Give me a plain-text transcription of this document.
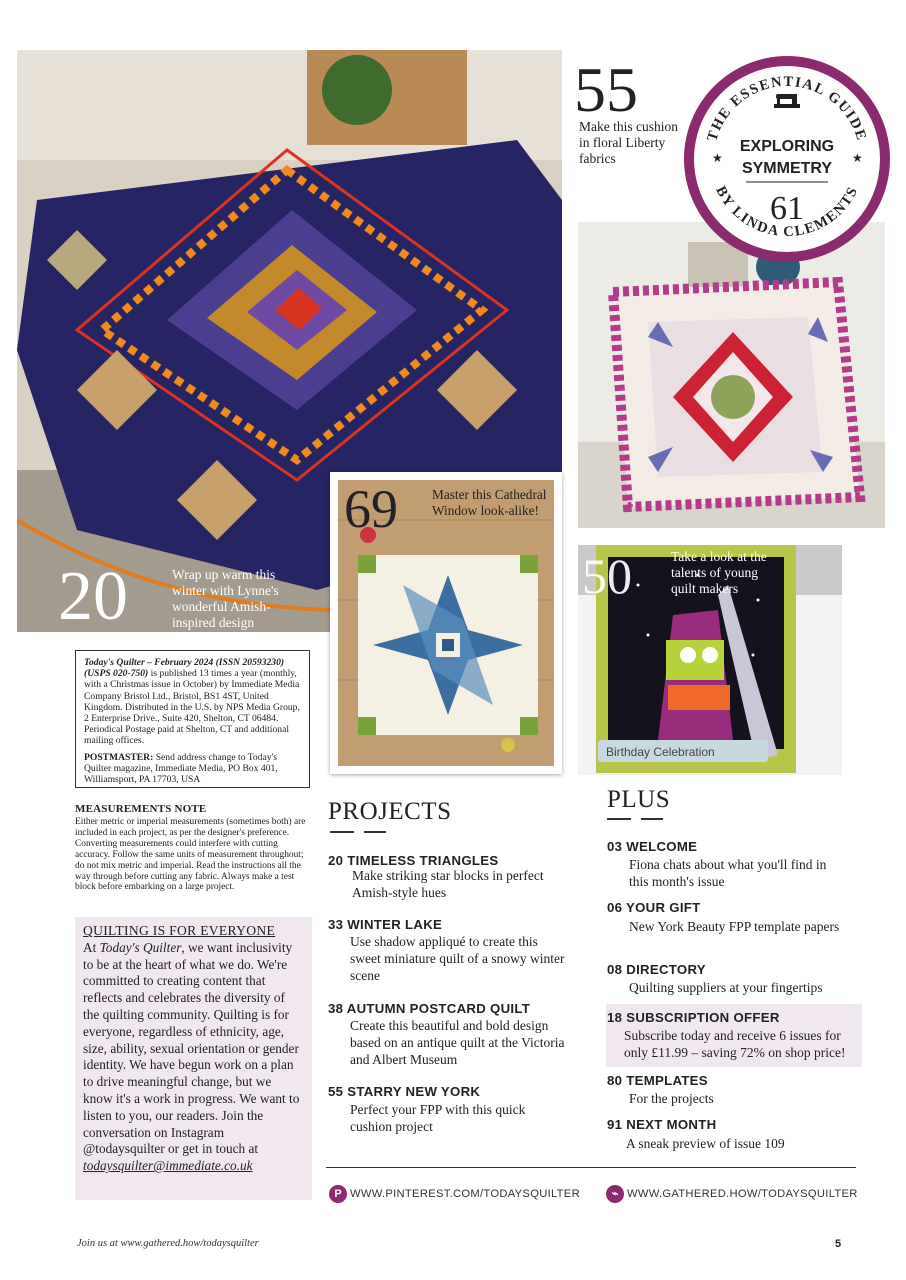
20	Wrap up warm this winter with Lynne's wonderful Amish-inspired design
55
Make this cushion in floral Liberty fabrics
THE ESSENTIAL GUIDE
BY LINDA CLEMENTS
★	★
EXPLORING
SYMMETRY
61
69	Master this Cathedral Window look-alike!
Birthday Celebration
50	Take a look at the talents of young quilt makers
Today's Quilter – February 2024 (ISSN 20593230) (USPS 020-750) is published 13 times a year (monthly, with a Christmas issue in October) by Immediate Media Company Bristol Ltd., Bristol, BS1 4ST, United Kingdom. Distributed in the U.S. by NPS Media Group, 2 Enterprise Drive., Suite 420, Shelton, CT 06484. Periodical Postage paid at Shelton, CT and additional mailing offices.
POSTMASTER: Send address change to Today's Quilter magazine, Immediate Media, PO Box 401, Williamsport, PA 17703, USA
MEASUREMENTS NOTE
Either metric or imperial measurements (sometimes both) are included in each project, as per the designer's preference. Converting measurements could interfere with cutting accuracy. Follow the same units of measurement throughout; do not mix metric and imperial. Read the instructions all the way through before cutting any fabric. Always make a test block before embarking on a large project.
QUILTING IS FOR EVERYONE
At Today's Quilter, we want inclusivity to be at the heart of what we do. We're committed to creating content that reflects and celebrates the diversity of the quilting community. Quilting is for everyone, regardless of ethnicity, age, size, ability, sexual orientation or gender identity. We have begun work on a plan to drive meaningful change, but we know it's a work in progress. We want to listen to you, our readers. Join the conversation on Instagram @todaysquilter or get in touch at todaysquilter@immediate.co.uk
PROJECTS
20 TIMELESS TRIANGLES
Make striking star blocks in perfect Amish-style hues
33 WINTER LAKE
Use shadow appliqué to create this sweet miniature quilt of a snowy winter scene
38 AUTUMN POSTCARD QUILT
Create this beautiful and bold design based on an antique quilt at the Victoria and Albert Museum
55 STARRY NEW YORK
Perfect your FPP with this quick cushion project
PLUS
03 WELCOME
Fiona chats about what you'll find in this month's issue
06 YOUR GIFT
New York Beauty FPP template papers
08 DIRECTORY
Quilting suppliers at your fingertips
18 SUBSCRIPTION OFFER
Subscribe today and receive 6 issues for only £11.99 – saving 72% on shop price!
80 TEMPLATES
For the projects
91 NEXT MONTH
A sneak preview of issue 109
P WWW.PINTEREST.COM/TODAYSQUILTER	⌁ WWW.GATHERED.HOW/TODAYSQUILTER
Join us at www.gathered.how/todaysquilter	5
